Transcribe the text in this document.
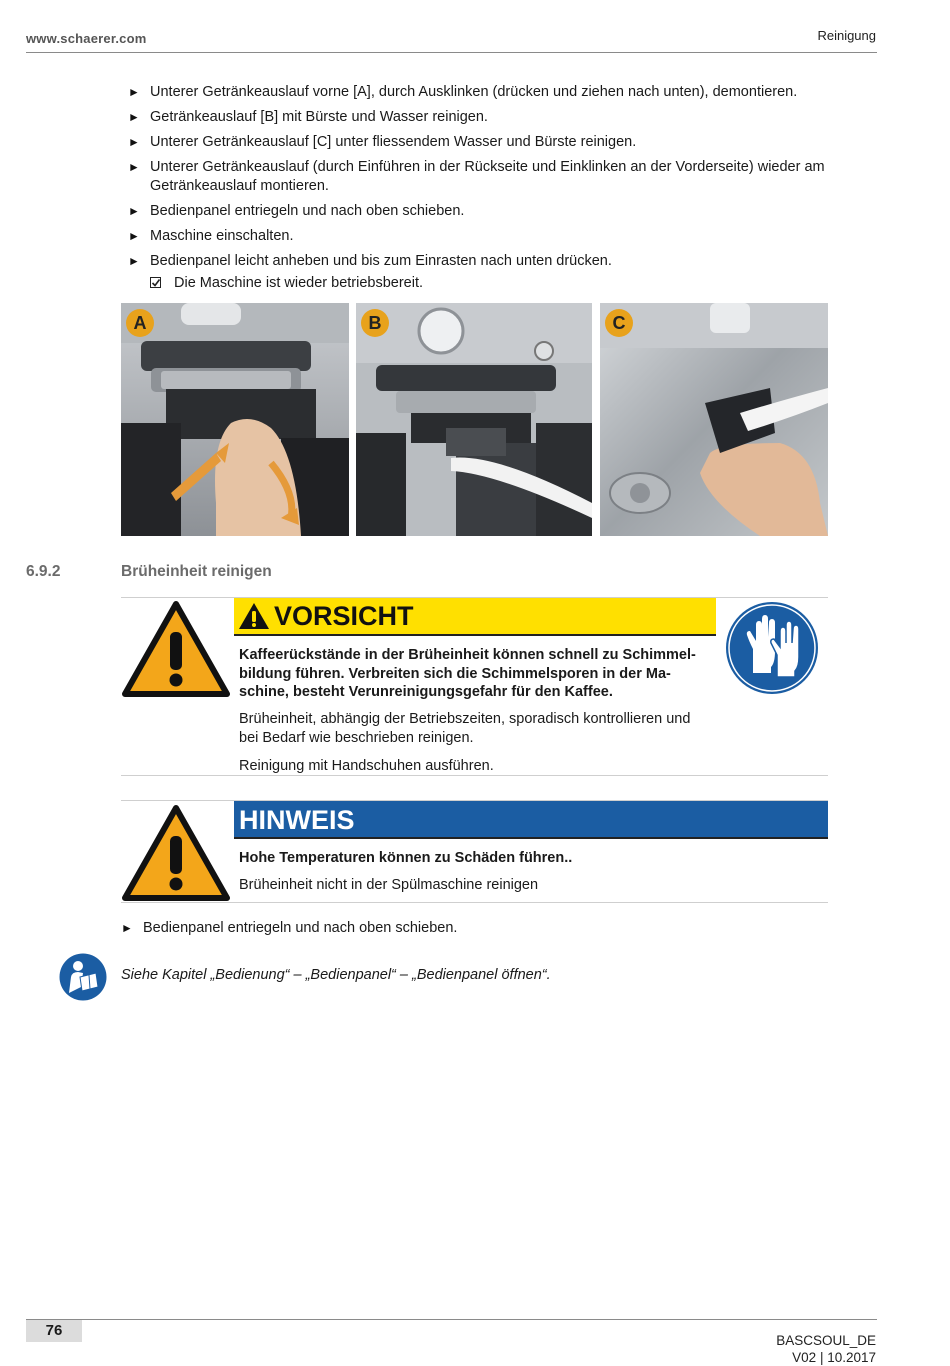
www.schaerer.com	Reinigung
► Unterer Getränkeauslauf vorne [A], durch Ausklinken (drücken und ziehen nach unten), demontieren.
► Getränkeauslauf [B] mit Bürste und Wasser reinigen.
► Unterer Getränkeauslauf [C] unter fliessendem Wasser und Bürste reinigen.
► Unterer Getränkeauslauf (durch Einführen in der Rückseite und Einklinken an der Vorderseite) wieder am Getränkeauslauf montieren.
► Bedienpanel entriegeln und nach oben schieben.
► Maschine einschalten.
► Bedienpanel leicht anheben und bis zum Einrasten nach unten drücken.
Die Maschine ist wieder betriebsbereit.
A	B	C
6.9.2	Brüheinheit reinigen
VORSICHT
Kaffeerückstände in der Brüheinheit können schnell zu Schimmel-
bildung führen. Verbreiten sich die Schimmelsporen in der Ma-
schine, besteht Verunreinigungsgefahr für den Kaffee.
Brüheinheit, abhängig der Betriebszeiten, sporadisch kontrollieren und
bei Bedarf wie beschrieben reinigen.
Reinigung mit Handschuhen ausführen.
HINWEIS
Hohe Temperaturen können zu Schäden führen..
Brüheinheit nicht in der Spülmaschine reinigen
► Bedienpanel entriegeln und nach oben schieben.
Siehe Kapitel „Bedienung“ – „Bedienpanel“ – „Bedienpanel öffnen“.
76
BASCSOUL_DE
V02 | 10.2017
